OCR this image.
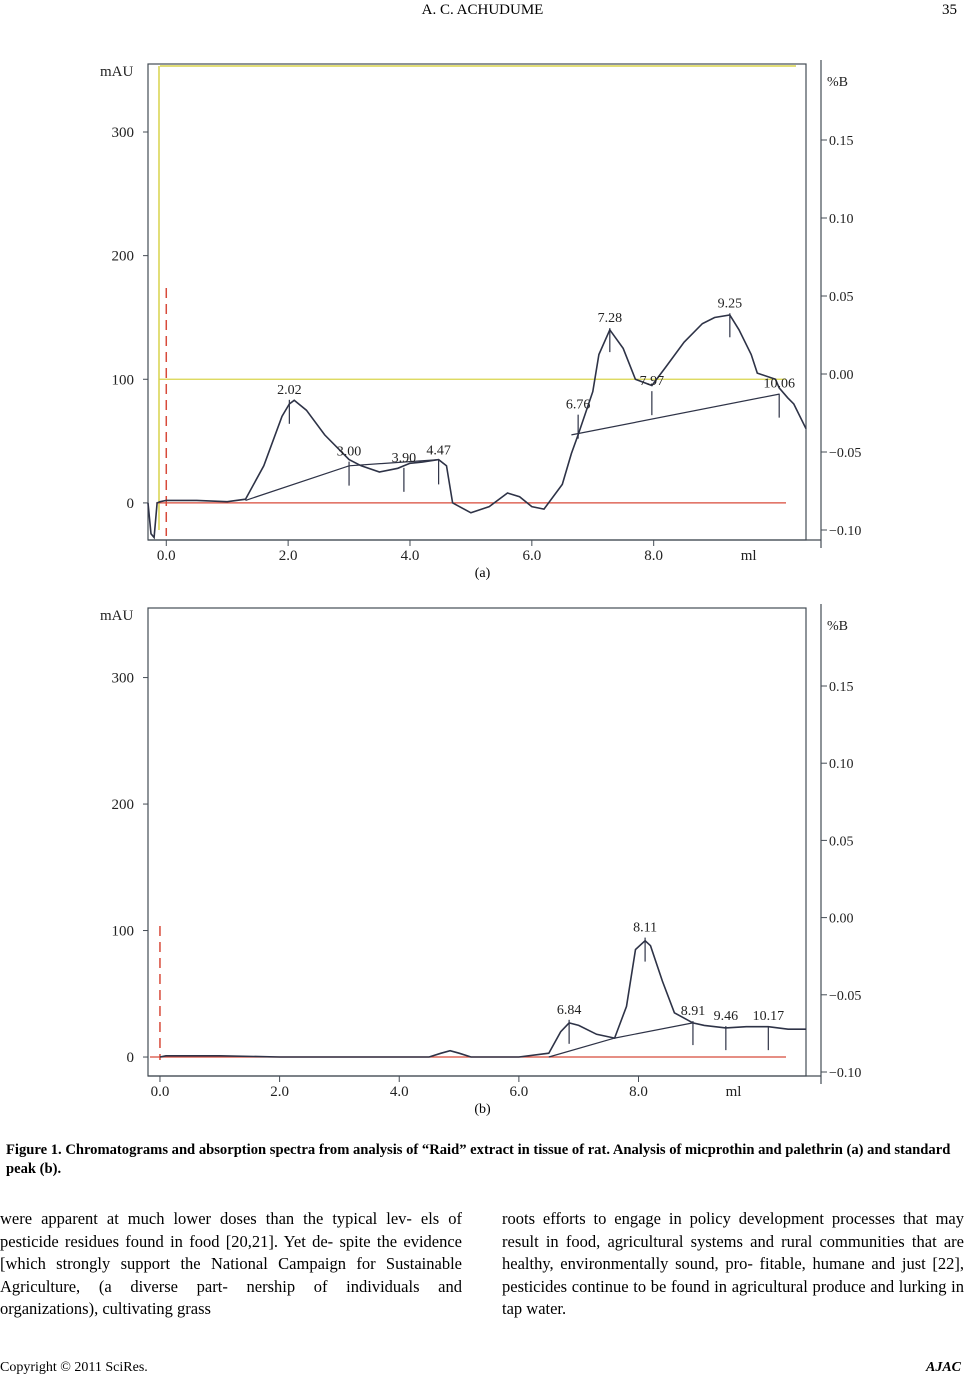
A. C. ACHUDUME	35
0
100
200
300
mAU
0.15
0.10
0.05
0.00
−0.05
−0.10
%B
0.0	2.0	4.0	6.0	8.0	ml
2.02
3.00 3.90 4.47
6.76
7.28
7.97
9.25
10.06
(a)
0
100
200
300
mAU
0.15
0.10
0.05
0.00
−0.05
−0.10
%B
0.0	2.0	4.0	6.0	8.0	ml
6.84
8.11
8.91 9.46 10.17
(b)
Figure 1. Chromatograms and absorption spectra from analysis of “Raid” extract in tissue of rat. Analysis of micprothin and palethrin (a) and standard peak (b).
were apparent at much lower doses than the typical lev- els of pesticide residues found in food [20,21]. Yet de- spite the evidence [which strongly support the National Campaign for Sustainable Agriculture, (a diverse part- nership of individuals and organizations), cultivating grass
roots efforts to engage in policy development processes that may result in food, agricultural systems and rural communities that are healthy, environmentally sound, pro- fitable, humane and just [22], pesticides continue to be found in agricultural produce and lurking in tap water.
Copyright © 2011 SciRes.	AJAC
